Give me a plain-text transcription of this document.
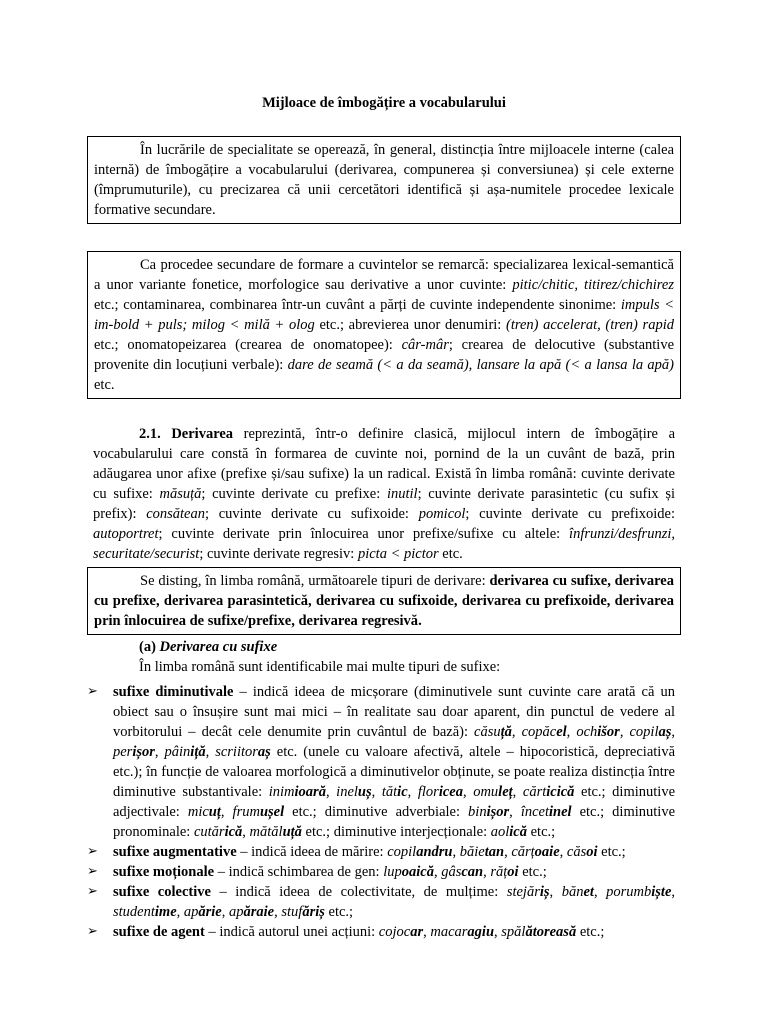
Mijloace de îmbogățire a vocabularului

În lucrările de specialitate se operează, în general, distincția între mijloacele interne (calea internă) de îmbogățire a vocabularului (derivarea, compunerea și conversiunea) și cele externe (împrumuturile), cu precizarea că unii cercetători identifică și așa-numitele procedee lexicale formative secundare.

Ca procedee secundare de formare a cuvintelor se remarcă: specializarea lexical-semantică a unor variante fonetice, morfologice sau derivative a unor cuvinte: pitic/chitic, titirez/chichirez etc.; contaminarea, combinarea într-un cuvânt a părți de cuvinte independente sinonime: impuls < im-bold + puls; milog < milă + olog etc.; abrevierea unor denumiri: (tren) accelerat, (tren) rapid etc.; onomatopeizarea (crearea de onomatopee): câr-mâr; crearea de delocutive (substantive provenite din locuțiuni verbale): dare de seamă (< a da seamă), lansare la apă (< a lansa la apă) etc.

2.1. Derivarea reprezintă, într-o definire clasică, mijlocul intern de îmbogățire a vocabularului care constă în formarea de cuvinte noi, pornind de la un cuvânt de bază, prin adăugarea unor afixe (prefixe și/sau sufixe) la un radical. Există în limba română: cuvinte derivate cu sufixe: măsuță; cuvinte derivate cu prefixe: inutil; cuvinte derivate parasintetic (cu sufix și prefix): consătean; cuvinte derivate cu sufixoide: pomicol; cuvinte derivate cu prefixoide: autoportret; cuvinte derivate prin înlocuirea unor prefixe/sufixe cu altele: înfrunzi/desfrunzi, securitate/securist; cuvinte derivate regresiv: picta < pictor etc.

Se disting, în limba română, următoarele tipuri de derivare: derivarea cu sufixe, derivarea cu prefixe, derivarea parasintetică, derivarea cu sufixoide, derivarea cu prefixoide, derivarea prin înlocuirea de sufixe/prefixe, derivarea regresivă.

(a) Derivarea cu sufixe

În limba română sunt identificabile mai multe tipuri de sufixe:

➢ sufixe diminutivale – indică ideea de micșorare (diminutivele sunt cuvinte care arată că un obiect sau o însușire sunt mai mici – în realitate sau doar aparent, din punctul de vedere al vorbitorului – decât cele denumite prin cuvântul de bază): căsuță, copăcel, ochišor, copilaș, perișor, pâiniță, scriitoraș etc. (unele cu valoare afectivă, altele – hipocoristică, depreciativă etc.); în funcție de valoarea morfologică a diminutivelor obținute, se poate realiza distincția între diminutive substantivale: inimioară, ineluș, tătic, floricea, omuleț, cărticică etc.; diminutive adjectivale: micuț, frumușel etc.; diminutive adverbiale: binișor, încetinel etc.; diminutive pronominale: cutărică, mătăluță etc.; diminutive interjecționale: aolică etc.;

➢ sufixe augmentative – indică ideea de mărire: copilandru, băietan, cărțoaie, căsoi etc.;

➢ sufixe moționale – indică schimbarea de gen: lupoaică, gâscan, rățoi etc.;

➢ sufixe colective – indică ideea de colectivitate, de mulțime: stejăriș, bănet, porumbiște, studentime, apărie, apăraie, stufăriș etc.;

➢ sufixe de agent – indică autorul unei acțiuni: cojocar, macaragiu, spălătoreasă etc.;
